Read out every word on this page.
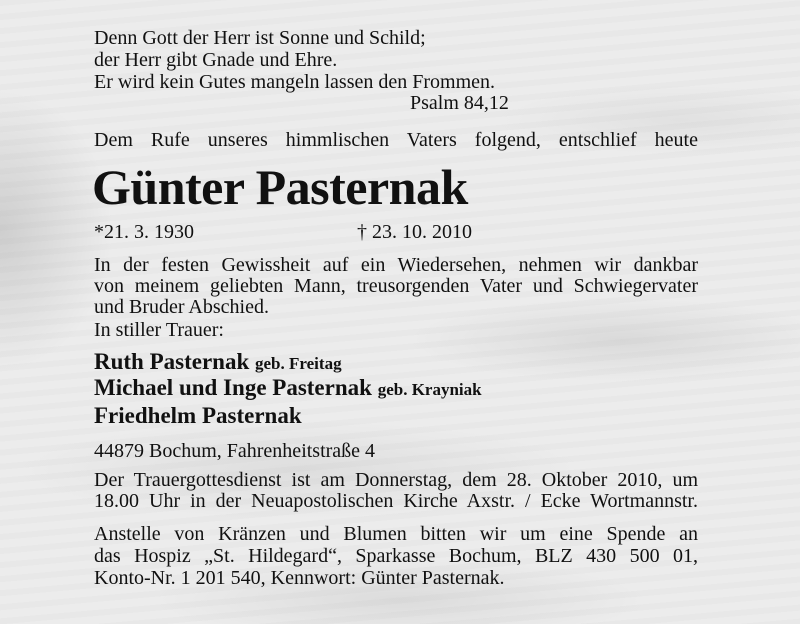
Denn Gott der Herr ist Sonne und Schild;
der Herr gibt Gnade und Ehre.
Er wird kein Gutes mangeln lassen den Frommen.
Psalm 84,12
Dem Rufe unseres himmlischen Vaters folgend, entschlief heute
Günter Pasternak
*21. 3. 1930	† 23. 10. 2010
In der festen Gewissheit auf ein Wiedersehen, nehmen wir dankbar
von meinem geliebten Mann, treusorgenden Vater und Schwiegervater
und Bruder Abschied.
In stiller Trauer:
Ruth Pasternak geb. Freitag
Michael und Inge Pasternak geb. Krayniak
Friedhelm Pasternak
44879 Bochum, Fahrenheitstraße 4
Der Trauergottesdienst ist am Donnerstag, dem 28. Oktober 2010, um
18.00 Uhr in der Neuapostolischen Kirche Axstr. / Ecke Wortmannstr.
Anstelle von Kränzen und Blumen bitten wir um eine Spende an
das Hospiz „St. Hildegard“, Sparkasse Bochum, BLZ 430 500 01,
Konto-Nr. 1 201 540, Kennwort: Günter Pasternak.
